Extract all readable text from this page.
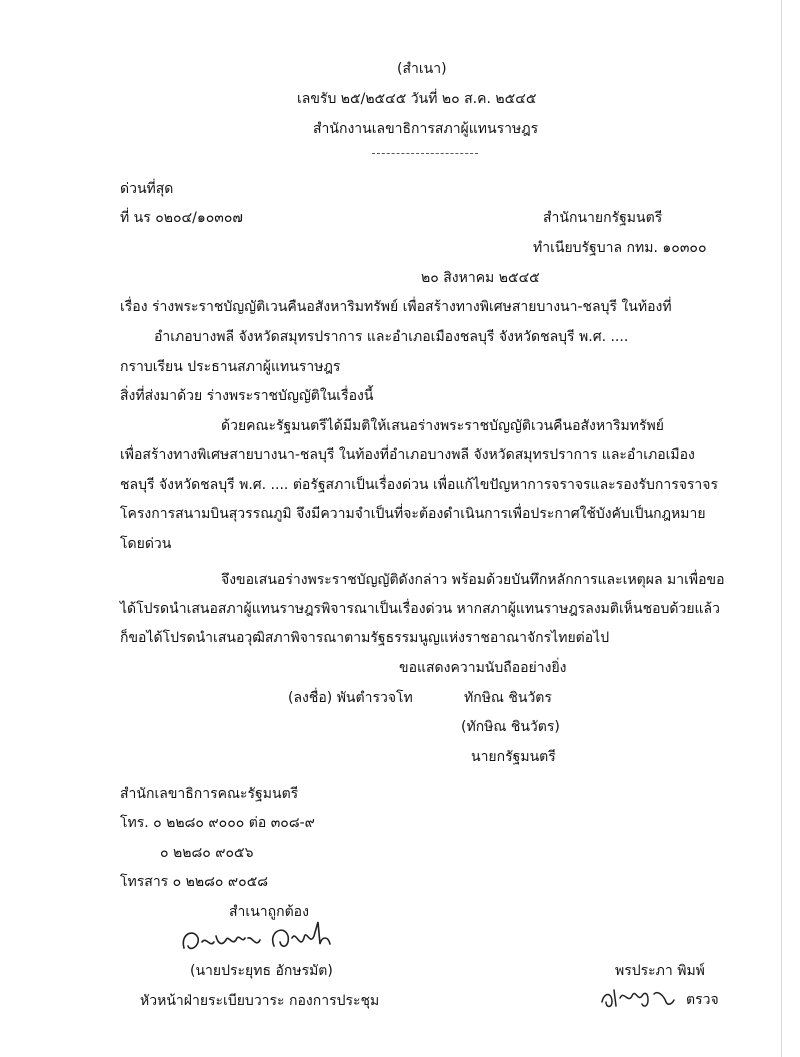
(สำเนา)
เลขรับ ๒๕/๒๕๔๕ วันที่ ๒๐ ส.ค. ๒๕๔๕
สำนักงานเลขาธิการสภาผู้แทนราษฎร
ด่วนที่สุด
ที่ นร ๐๒๐๔/๑๐๓๐๗	สำนักนายกรัฐมนตรี
ทำเนียบรัฐบาล กทม. ๑๐๓๐๐
๒๐ สิงหาคม ๒๕๔๕
เรื่อง ร่างพระราชบัญญัติเวนคืนอสังหาริมทรัพย์ เพื่อสร้างทางพิเศษสายบางนา-ชลบุรี ในท้องที่
อำเภอบางพลี จังหวัดสมุทรปราการ และอำเภอเมืองชลบุรี จังหวัดชลบุรี พ.ศ. ....
กราบเรียน ประธานสภาผู้แทนราษฎร
สิ่งที่ส่งมาด้วย ร่างพระราชบัญญัติในเรื่องนี้
ด้วยคณะรัฐมนตรีได้มีมติให้เสนอร่างพระราชบัญญัติเวนคืนอสังหาริมทรัพย์
เพื่อสร้างทางพิเศษสายบางนา-ชลบุรี ในท้องที่อำเภอบางพลี จังหวัดสมุทรปราการ และอำเภอเมือง
ชลบุรี จังหวัดชลบุรี พ.ศ. .... ต่อรัฐสภาเป็นเรื่องด่วน เพื่อแก้ไขปัญหาการจราจรและรองรับการจราจร
โครงการสนามบินสุวรรณภูมิ จึงมีความจำเป็นที่จะต้องดำเนินการเพื่อประกาศใช้บังคับเป็นกฎหมาย
โดยด่วน
จึงขอเสนอร่างพระราชบัญญัติดังกล่าว พร้อมด้วยบันทึกหลักการและเหตุผล มาเพื่อขอ
ได้โปรดนำเสนอสภาผู้แทนราษฎรพิจารณาเป็นเรื่องด่วน หากสภาผู้แทนราษฎรลงมติเห็นชอบด้วยแล้ว
ก็ขอได้โปรดนำเสนอวุฒิสภาพิจารณาตามรัฐธรรมนูญแห่งราชอาณาจักรไทยต่อไป
ขอแสดงความนับถืออย่างยิ่ง
(ลงชื่อ) พันตำรวจโท	ทักษิณ ชินวัตร
(ทักษิณ ชินวัตร)
นายกรัฐมนตรี
สำนักเลขาธิการคณะรัฐมนตรี
โทร. ๐ ๒๒๘๐ ๙๐๐๐ ต่อ ๓๐๘-๙
๐ ๒๒๘๐ ๙๐๕๖
โทรสาร ๐ ๒๒๘๐ ๙๐๕๘
สำเนาถูกต้อง
(นายประยุทธ อักษรมัต)
หัวหน้าฝ่ายระเบียบวาระ กองการประชุม
พรประภา พิมพ์
ตรวจ
